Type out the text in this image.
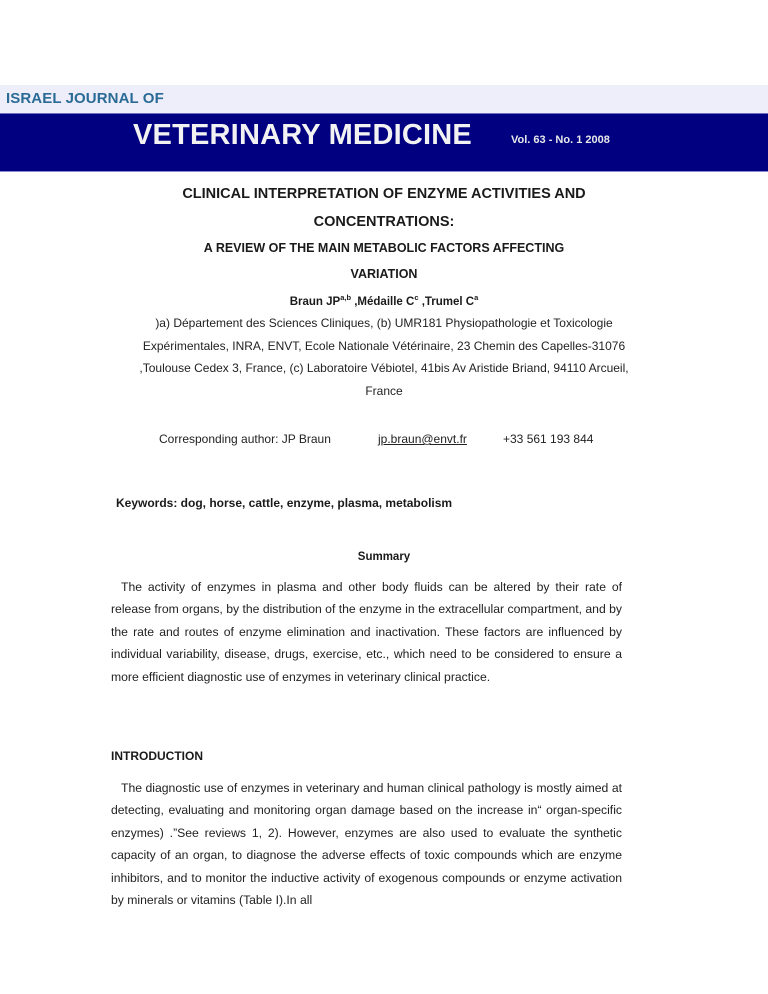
ISRAEL JOURNAL OF
VETERINARY MEDICINE	Vol. 63 - No. 1 2008
CLINICAL INTERPRETATION OF ENZYME ACTIVITIES AND
CONCENTRATIONS:
A REVIEW OF THE MAIN METABOLIC FACTORS AFFECTING
VARIATION
Braun JP$^{a,b}$ ,Médaille $C^c$ ,Trumel $C^a$
)a) Département des Sciences Cliniques, (b) UMR181 Physiopathologie et Toxicologie Expérimentales, INRA, ENVT, Ecole Nationale Vétérinaire, 23 Chemin des Capelles-31076 ,Toulouse Cedex 3, France, (c) Laboratoire Vébiotel, 41bis Av Aristide Briand, 94110 Arcueil, France
Corresponding author: JP Braun	jp.braun@envt.fr	+33 561 193 844
Keywords: dog, horse, cattle, enzyme, plasma, metabolism
Summary
The activity of enzymes in plasma and other body fluids can be altered by their rate of release from organs, by the distribution of the enzyme in the extracellular compartment, and by the rate and routes of enzyme elimination and inactivation. These factors are influenced by individual variability, disease, drugs, exercise, etc., which need to be considered to ensure a more efficient diagnostic use of enzymes in veterinary clinical practice.
INTRODUCTION
The diagnostic use of enzymes in veterinary and human clinical pathology is mostly aimed at detecting, evaluating and monitoring organ damage based on the increase in“ organ-specific enzymes) .”See reviews 1, 2). However, enzymes are also used to evaluate the synthetic capacity of an organ, to diagnose the adverse effects of toxic compounds which are enzyme inhibitors, and to monitor the inductive activity of exogenous compounds or enzyme activation by minerals or vitamins (Table I).In all
